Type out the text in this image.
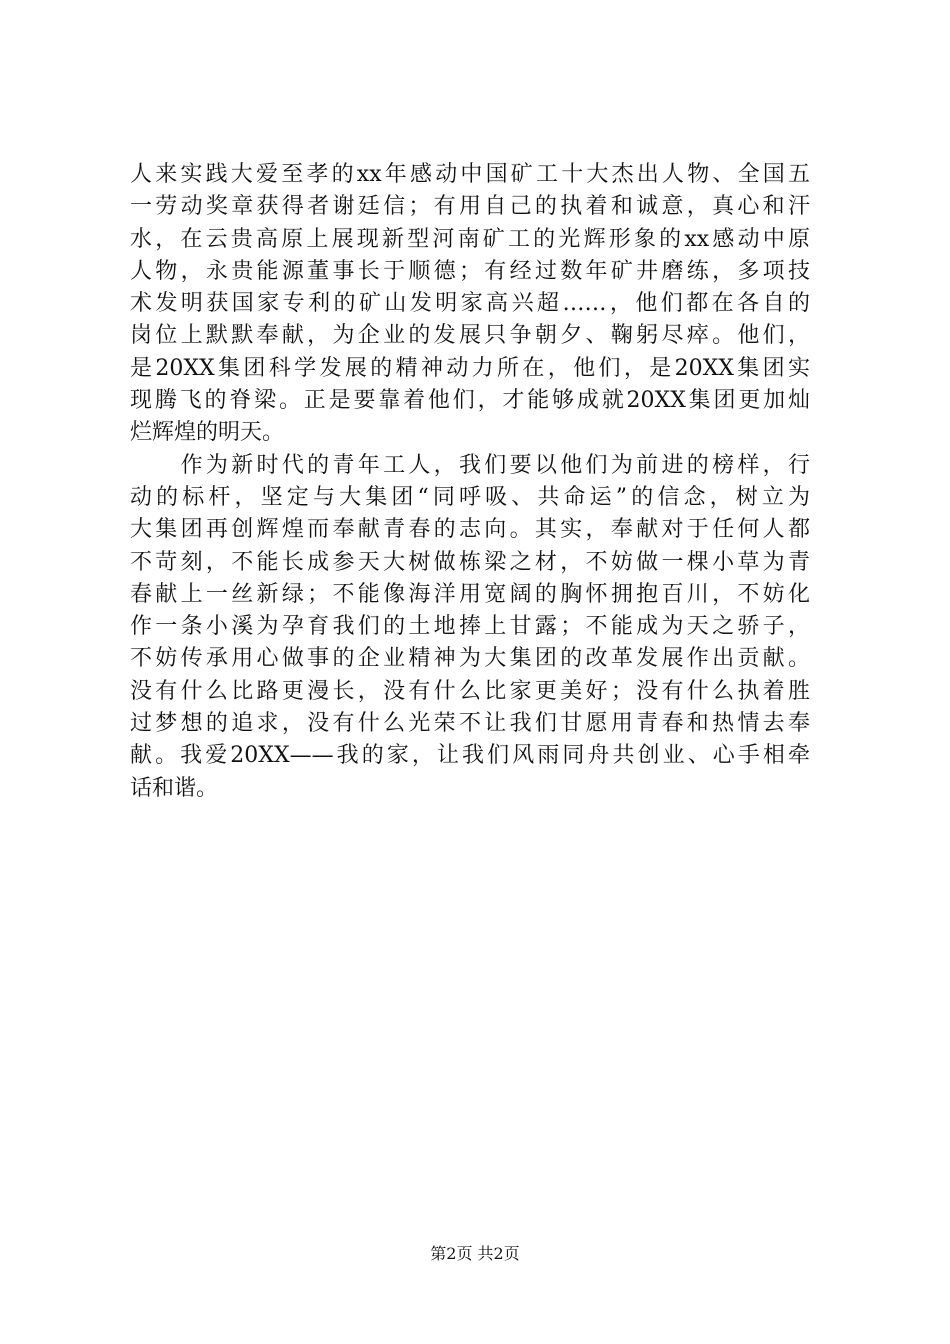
人来实践大爱至孝的xx年感动中国矿工十大杰出人物、全国五
一劳动奖章获得者谢廷信；有用自己的执着和诚意，真心和汗
水，在云贵高原上展现新型河南矿工的光辉形象的xx感动中原
人物，永贵能源董事长于顺德；有经过数年矿井磨练，多项技
术发明获国家专利的矿山发明家高兴超……，他们都在各自的
岗位上默默奉献，为企业的发展只争朝夕、鞠躬尽瘁。他们，
是20XX集团科学发展的精神动力所在，他们，是20XX集团实
现腾飞的脊梁。正是要靠着他们，才能够成就20XX集团更加灿
烂辉煌的明天。
　　作为新时代的青年工人，我们要以他们为前进的榜样，行
动的标杆，坚定与大集团“同呼吸、共命运”的信念，树立为
大集团再创辉煌而奉献青春的志向。其实，奉献对于任何人都
不苛刻，不能长成参天大树做栋梁之材，不妨做一棵小草为青
春献上一丝新绿；不能像海洋用宽阔的胸怀拥抱百川，不妨化
作一条小溪为孕育我们的土地捧上甘露；不能成为天之骄子，
不妨传承用心做事的企业精神为大集团的改革发展作出贡献。
没有什么比路更漫长，没有什么比家更美好；没有什么执着胜
过梦想的追求，没有什么光荣不让我们甘愿用青春和热情去奉
献。我爱20XX——我的家，让我们风雨同舟共创业、心手相牵
话和谐。
第2页 共2页
